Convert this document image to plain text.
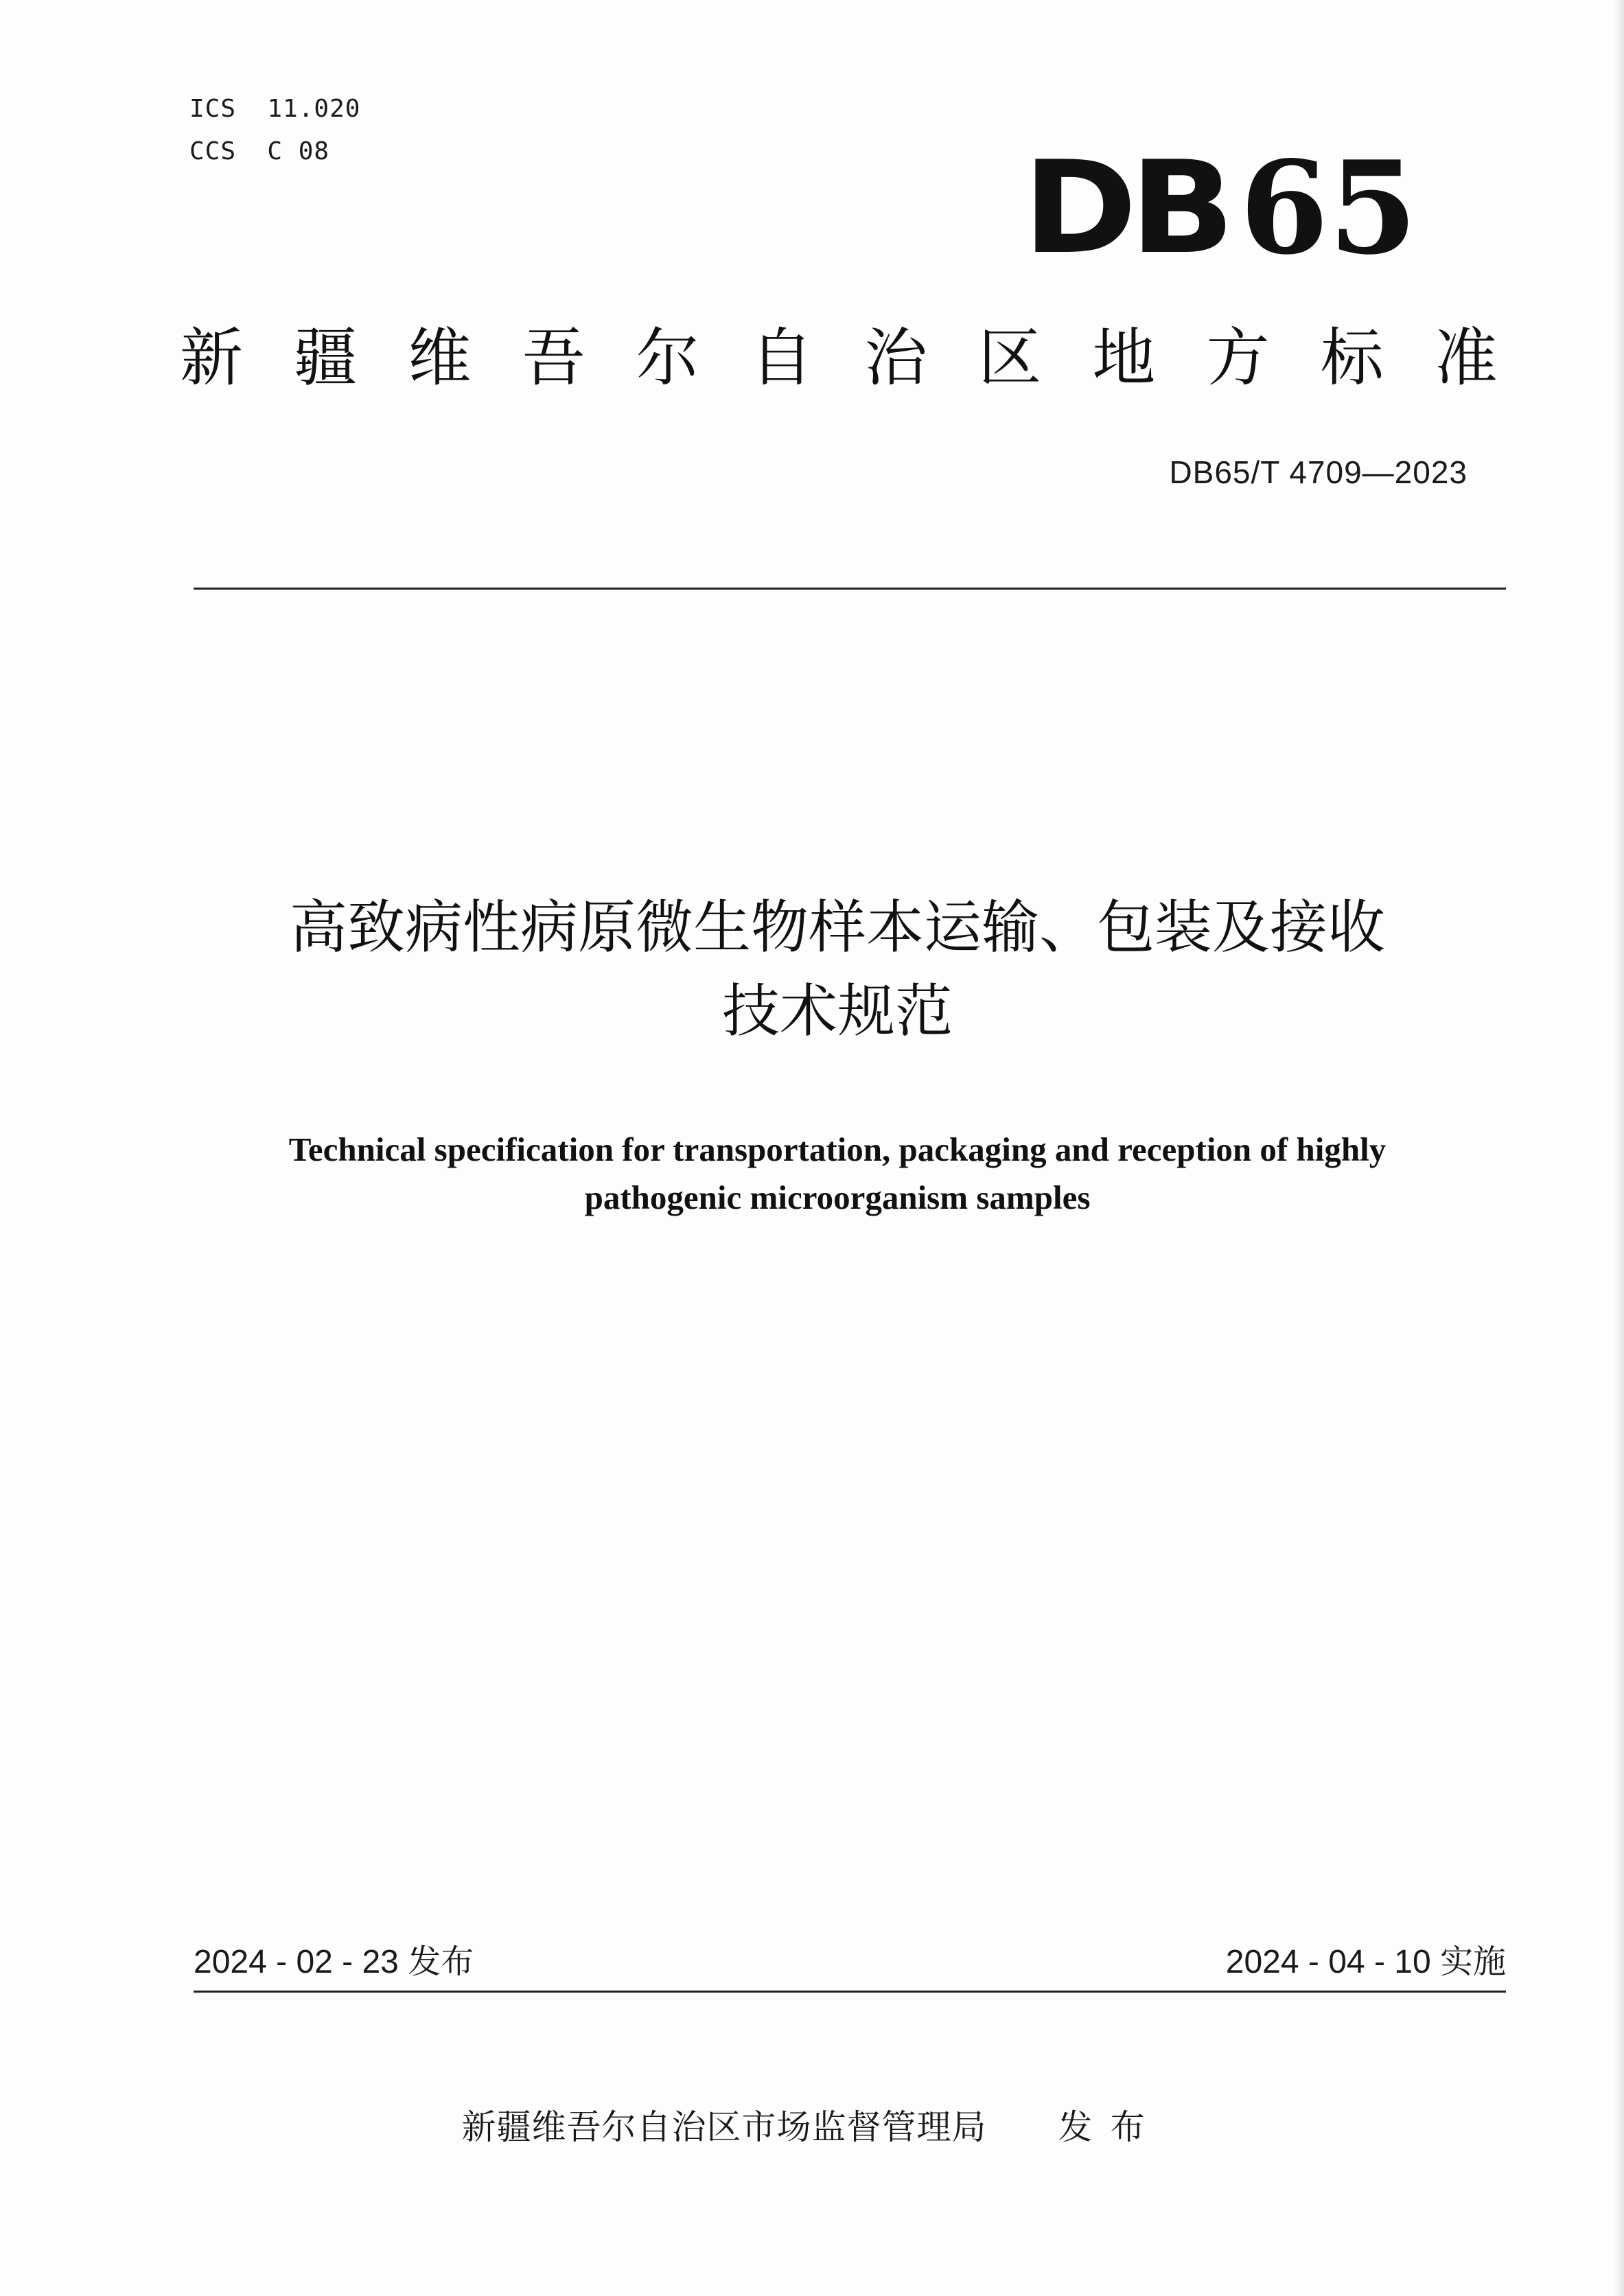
ICS  11.020
CCS  C 08	DB 65
新 疆 维 吾 尔 自 治 区 地 方 标 准
DB65/T 4709—2023
高致病性病原微生物样本运输、包装及接收
技术规范
Technical specification for transportation, packaging and reception of highly
pathogenic microorganism samples
2024 - 02 - 23 发布	2024 - 04 - 10 实施
新疆维吾尔自治区市场监督管理局 发布
